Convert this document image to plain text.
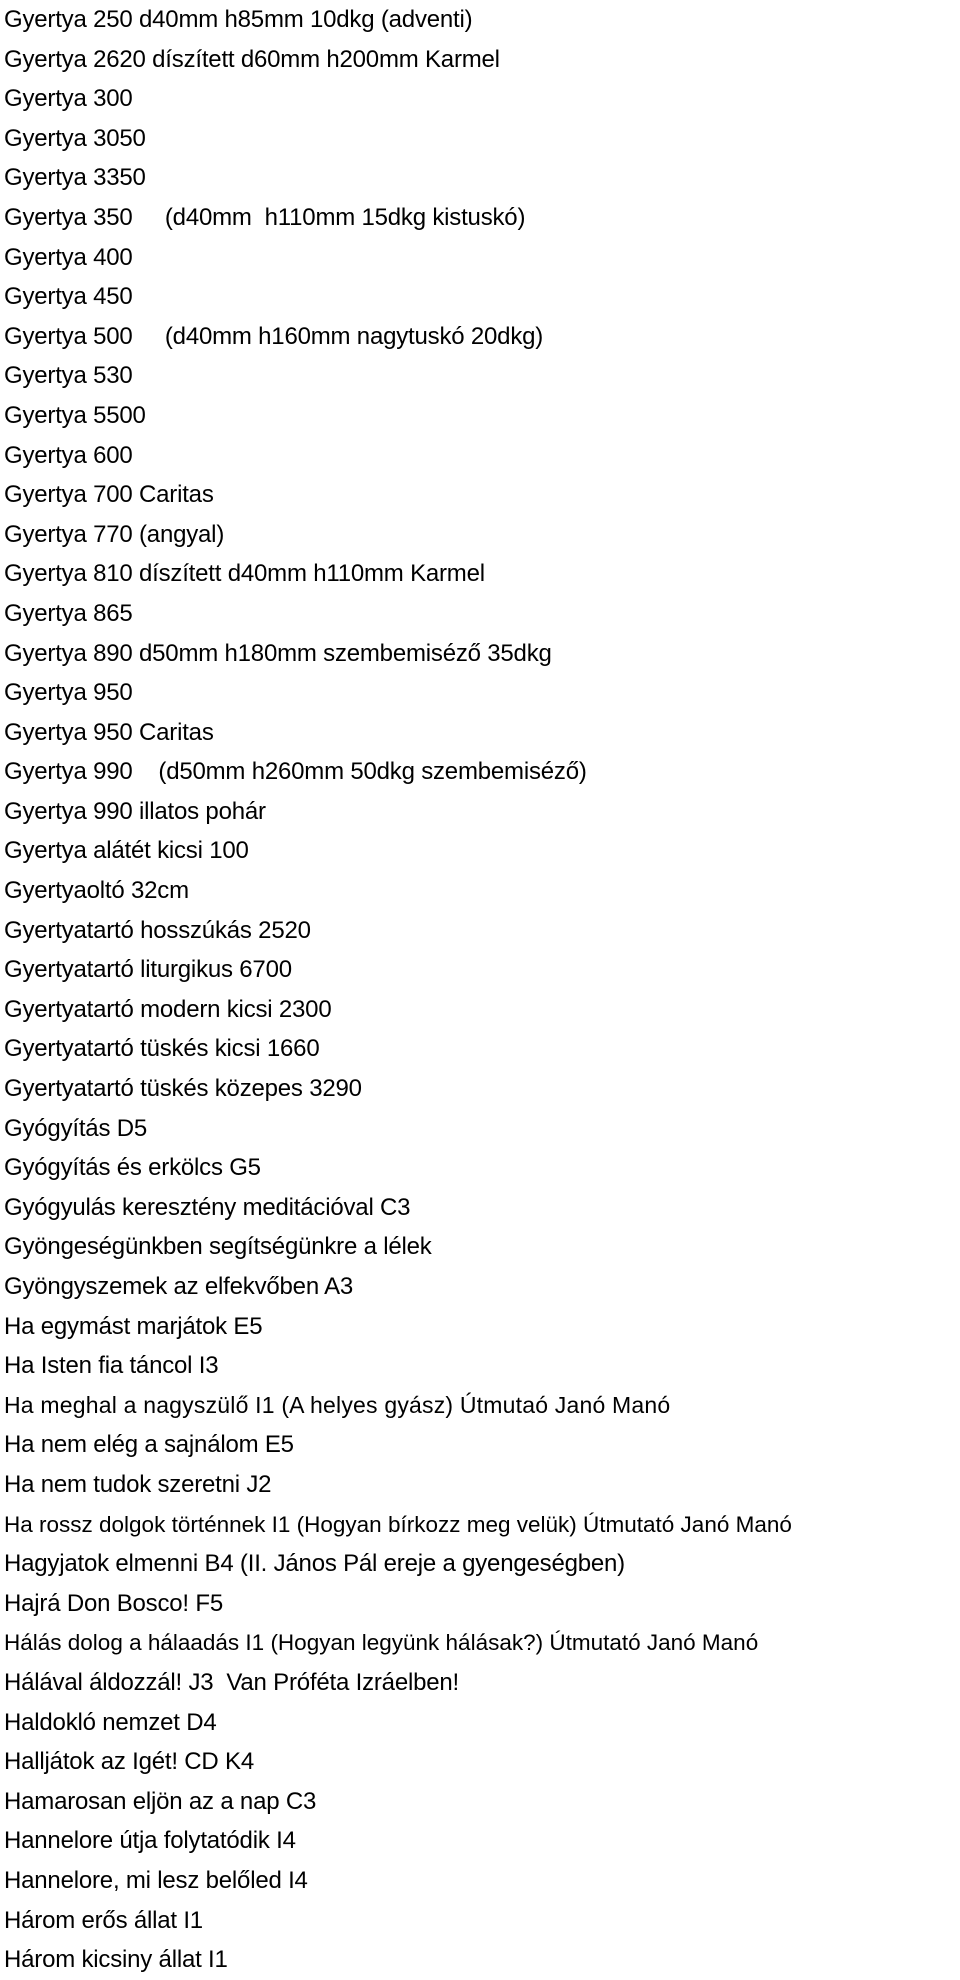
Gyertya 250 d40mm h85mm 10dkg (adventi)
Gyertya 2620 díszített d60mm h200mm Karmel
Gyertya 300
Gyertya 3050
Gyertya 3350
Gyertya 350     (d40mm  h110mm 15dkg kistuskó)
Gyertya 400
Gyertya 450
Gyertya 500     (d40mm h160mm nagytuskó 20dkg)
Gyertya 530
Gyertya 5500
Gyertya 600
Gyertya 700 Caritas
Gyertya 770 (angyal)
Gyertya 810 díszített d40mm h110mm Karmel
Gyertya 865
Gyertya 890 d50mm h180mm szembemiséző 35dkg
Gyertya 950
Gyertya 950 Caritas
Gyertya 990    (d50mm h260mm 50dkg szembemiséző)
Gyertya 990 illatos pohár
Gyertya alátét kicsi 100
Gyertyaoltó 32cm
Gyertyatartó hosszúkás 2520
Gyertyatartó liturgikus 6700
Gyertyatartó modern kicsi 2300
Gyertyatartó tüskés kicsi 1660
Gyertyatartó tüskés közepes 3290
Gyógyítás D5
Gyógyítás és erkölcs G5
Gyógyulás keresztény meditációval C3
Gyöngeségünkben segítségünkre a lélek
Gyöngyszemek az elfekvőben A3
Ha egymást marjátok E5
Ha Isten fia táncol I3
Ha meghal a nagyszülő I1 (A helyes gyász) Útmutaó Janó Manó
Ha nem elég a sajnálom E5
Ha nem tudok szeretni J2
Ha rossz dolgok történnek I1 (Hogyan bírkozz meg velük) Útmutató Janó Manó
Hagyjatok elmenni B4 (II. János Pál ereje a gyengeségben)
Hajrá Don Bosco! F5
Hálás dolog a hálaadás I1 (Hogyan legyünk hálásak?) Útmutató Janó Manó
Hálával áldozzál! J3  Van Próféta Izráelben!
Haldokló nemzet D4
Halljátok az Igét! CD K4
Hamarosan eljön az a nap C3
Hannelore útja folytatódik I4
Hannelore, mi lesz belőled I4
Három erős állat I1
Három kicsiny állat I1
